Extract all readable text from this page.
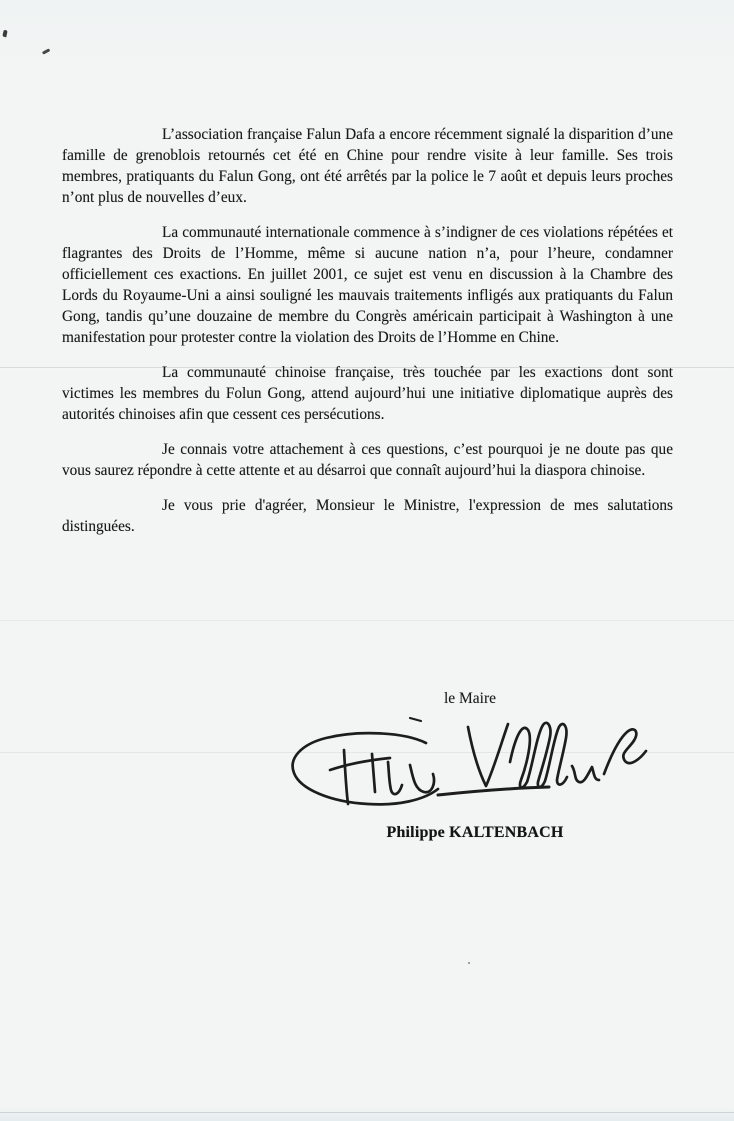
L’association française Falun Dafa a encore récemment signalé la disparition d’une famille de grenoblois retournés cet été en Chine pour rendre visite à leur famille. Ses trois membres, pratiquants du Falun Gong, ont été arrêtés par la police le 7 août et depuis leurs proches n’ont plus de nouvelles d’eux.

La communauté internationale commence à s’indigner de ces violations répétées et flagrantes des Droits de l’Homme, même si aucune nation n’a, pour l’heure, condamner officiellement ces exactions. En juillet 2001, ce sujet est venu en discussion à la Chambre des Lords du Royaume-Uni a ainsi souligné les mauvais traitements infligés aux pratiquants du Falun Gong, tandis qu’une douzaine de membre du Congrès américain participait à Washington à une manifestation pour protester contre la violation des Droits de l’Homme en Chine.

La communauté chinoise française, très touchée par les exactions dont sont victimes les membres du Folun Gong, attend aujourd’hui une initiative diplomatique auprès des autorités chinoises afin que cessent ces persécutions.

Je connais votre attachement à ces questions, c’est pourquoi je ne doute pas que vous saurez répondre à cette attente et au désarroi que connaît aujourd’hui la diaspora chinoise.

Je vous prie d'agréer, Monsieur le Ministre, l'expression de mes salutations distinguées.

le Maire
Philippe KALTENBACH
